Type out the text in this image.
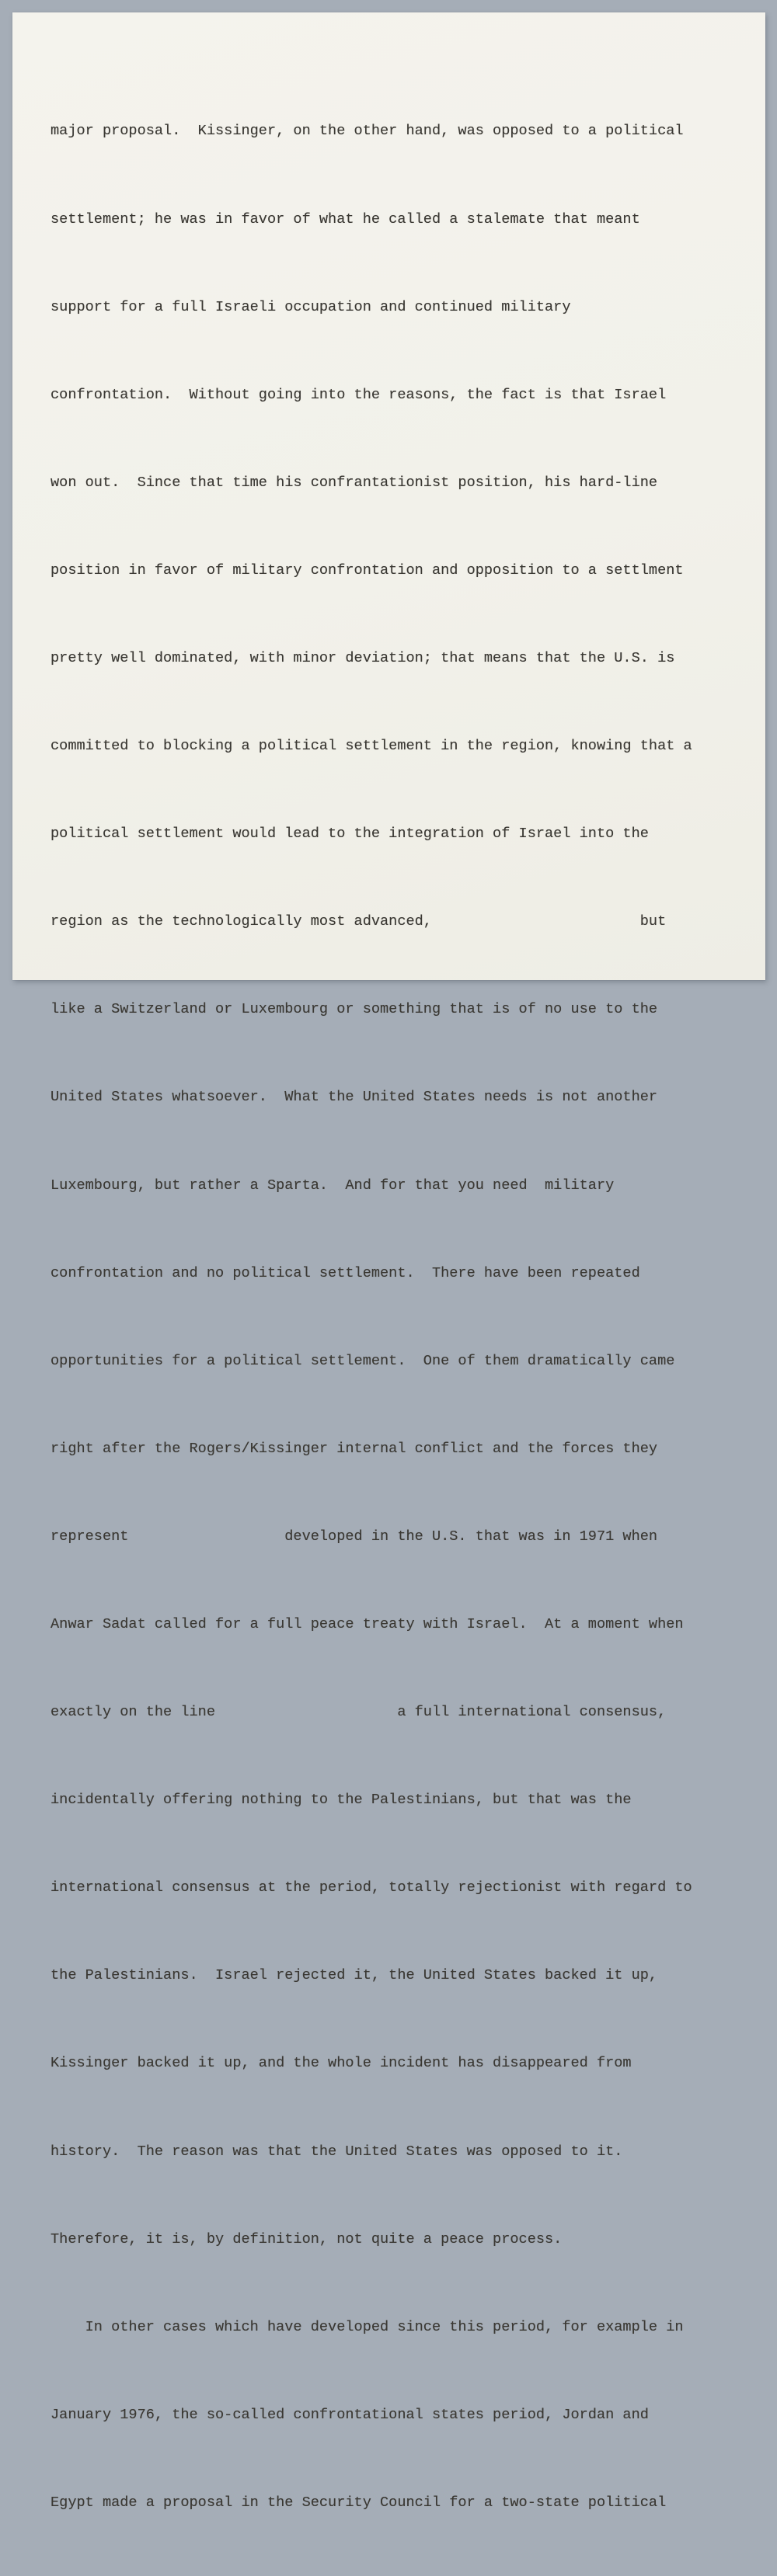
major proposal.  Kissinger, on the other hand, was opposed to a political

settlement; he was in favor of what he called a stalemate that meant

support for a full Israeli occupation and continued military

confrontation.  Without going into the reasons, the fact is that Israel

won out.  Since that time his confrantationist position, his hard-line

position in favor of military confrontation and opposition to a settlment

pretty well dominated, with minor deviation; that means that the U.S. is

committed to blocking a political settlement in the region, knowing that a

political settlement would lead to the integration of Israel into the

region as the technologically most advanced,                        but

like a Switzerland or Luxembourg or something that is of no use to the

United States whatsoever.  What the United States needs is not another

Luxembourg, but rather a Sparta.  And for that you need  military

confrontation and no political settlement.  There have been repeated

opportunities for a political settlement.  One of them dramatically came

right after the Rogers/Kissinger internal conflict and the forces they

represent                  developed in the U.S. that was in 1971 when

Anwar Sadat called for a full peace treaty with Israel.  At a moment when

exactly on the line                     a full international consensus,

incidentally offering nothing to the Palestinians, but that was the

international consensus at the period, totally rejectionist with regard to

the Palestinians.  Israel rejected it, the United States backed it up,

Kissinger backed it up, and the whole incident has disappeared from

history.  The reason was that the United States was opposed to it.

Therefore, it is, by definition, not quite a peace process.

In other cases which have developed since this period, for example in

January 1976, the so-called confrontational states period, Jordan and

Egypt made a proposal in the Security Council for a two-state political
